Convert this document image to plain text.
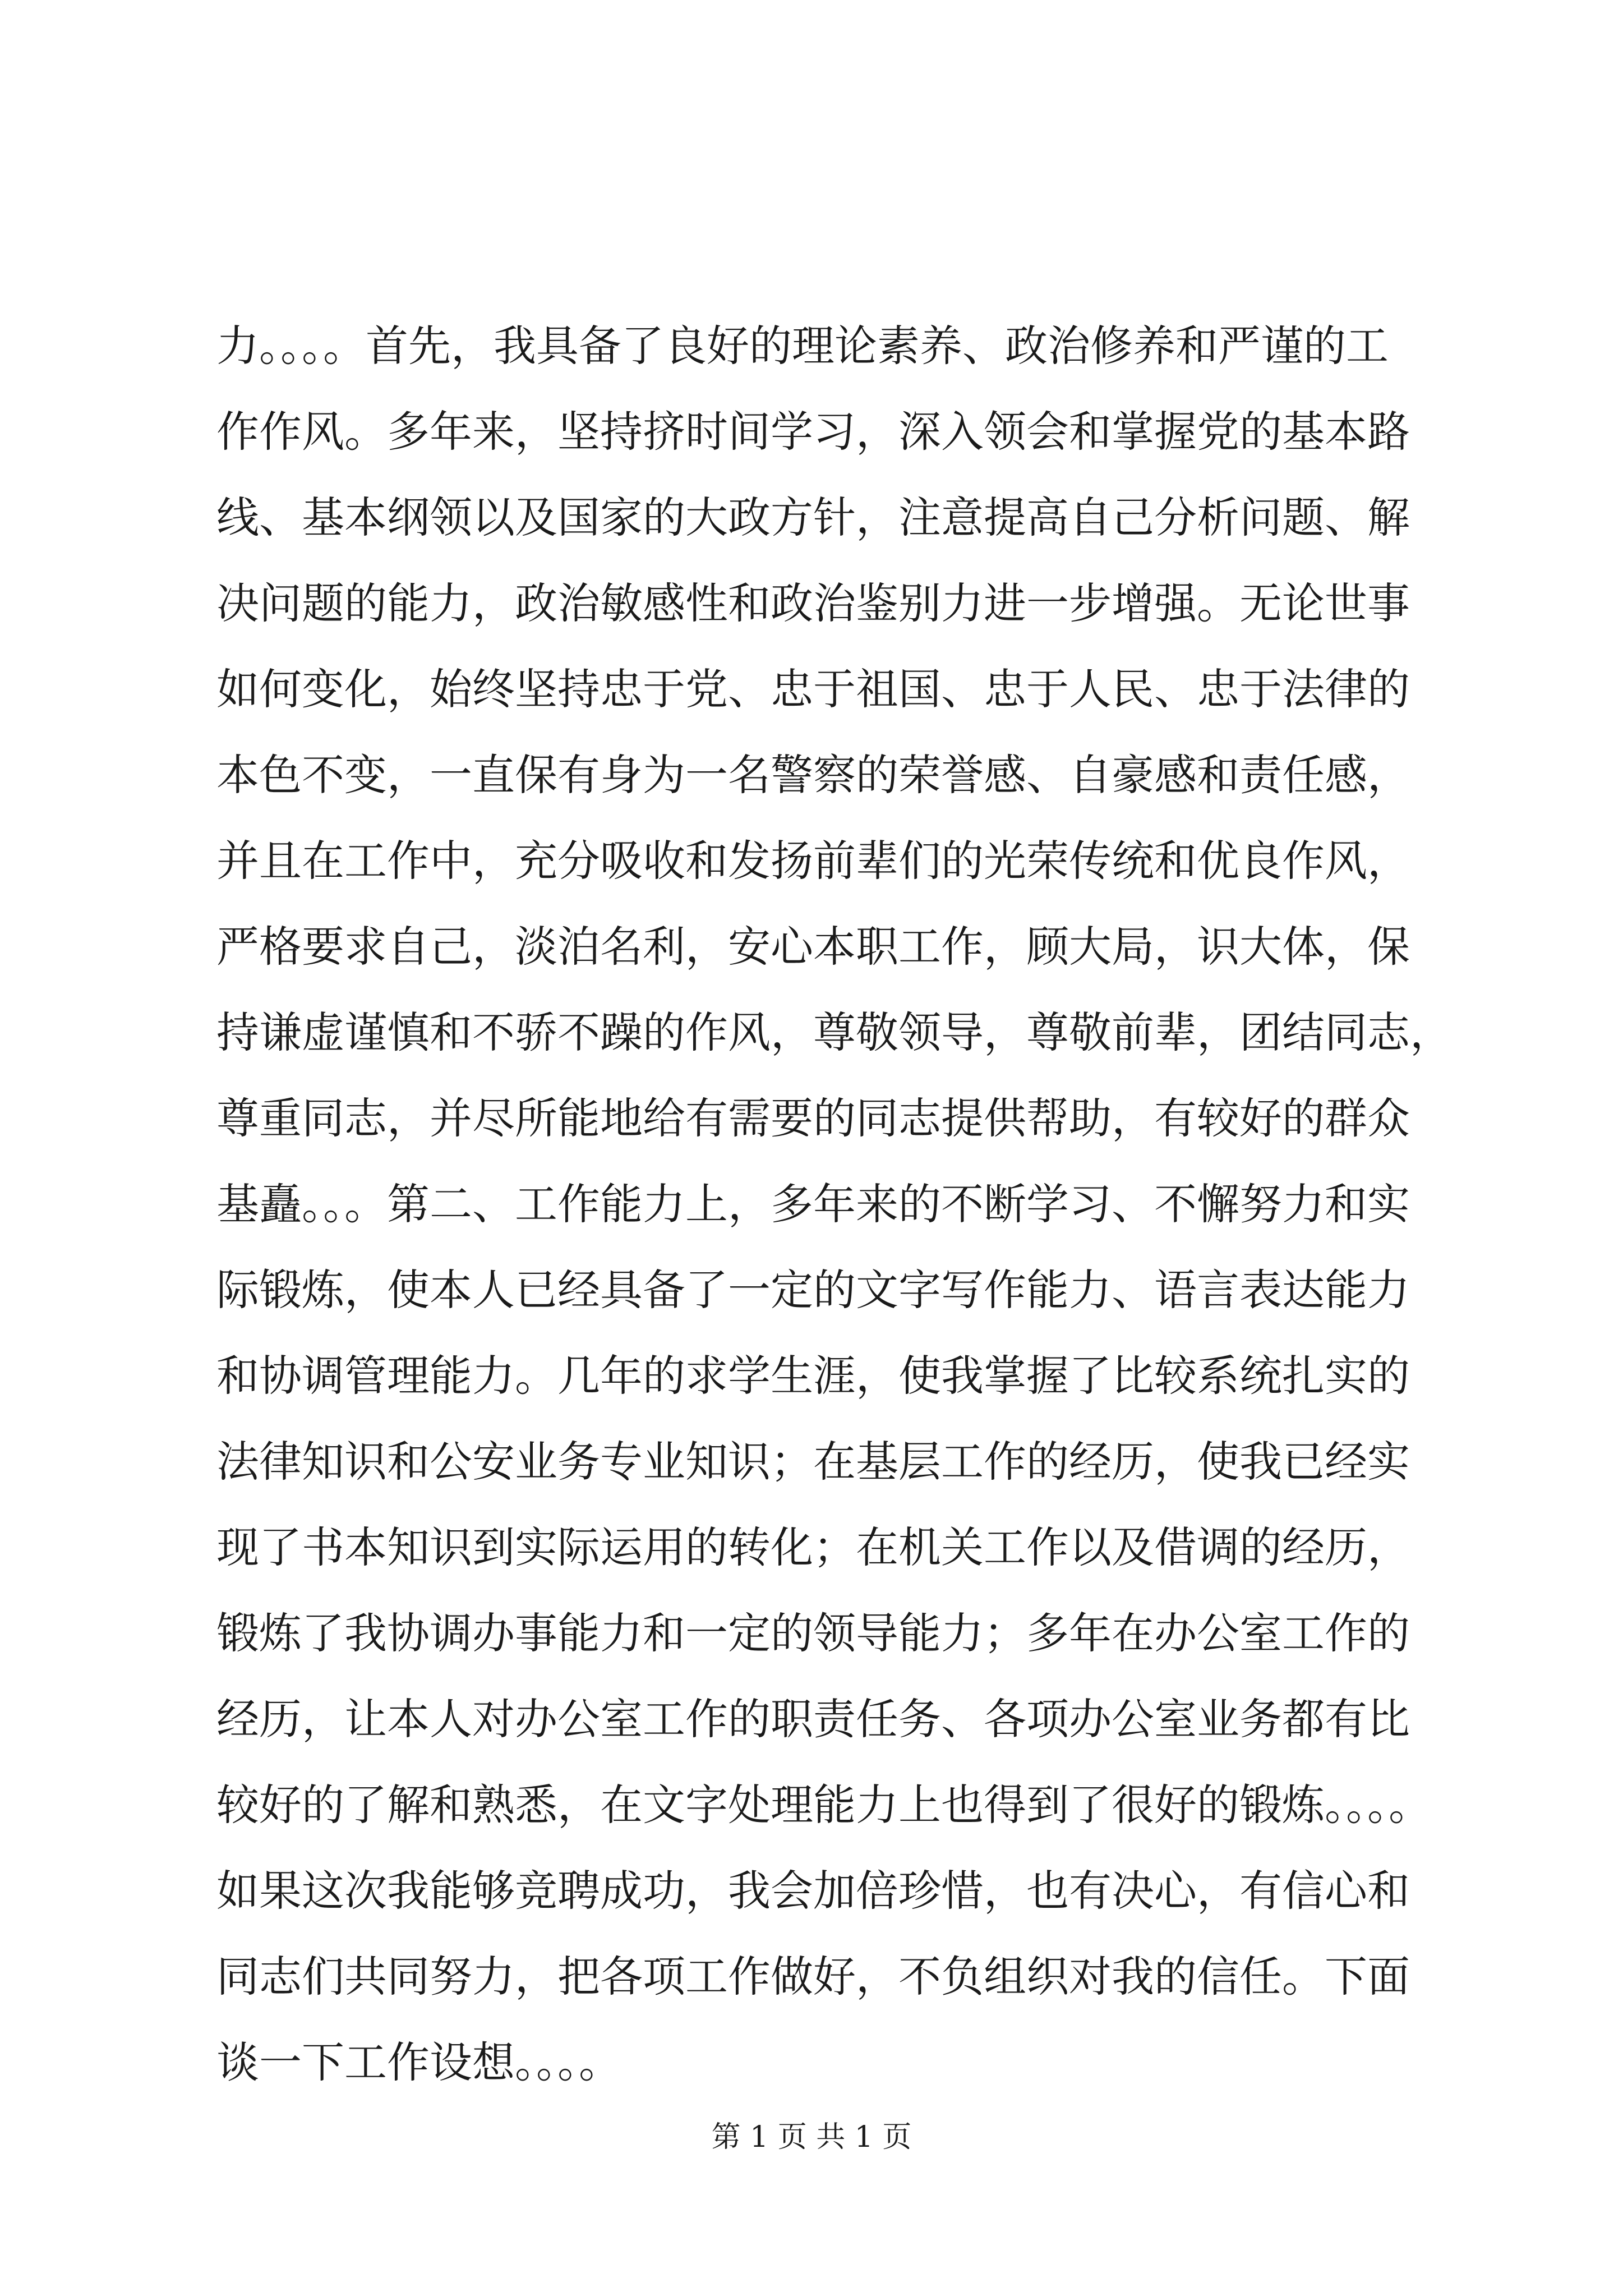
力。。。。首先，我具备了良好的理论素养、政治修养和严谨的工
作作风。多年来，坚持挤时间学习，深入领会和掌握党的基本路
线、基本纲领以及国家的大政方针，注意提高自己分析问题、解
决问题的能力，政治敏感性和政治鉴别力进一步增强。无论世事
如何变化，始终坚持忠于党、忠于祖国、忠于人民、忠于法律的
本色不变，一直保有身为一名警察的荣誉感、自豪感和责任感，
并且在工作中，充分吸收和发扬前辈们的光荣传统和优良作风，
严格要求自己，淡泊名利，安心本职工作，顾大局，识大体，保
持谦虚谨慎和不骄不躁的作风，尊敬领导，尊敬前辈，团结同志，
尊重同志，并尽所能地给有需要的同志提供帮助，有较好的群众
基矗。。。第二、工作能力上，多年来的不断学习、不懈努力和实
际锻炼，使本人已经具备了一定的文字写作能力、语言表达能力
和协调管理能力。几年的求学生涯，使我掌握了比较系统扎实的
法律知识和公安业务专业知识；在基层工作的经历，使我已经实
现了书本知识到实际运用的转化；在机关工作以及借调的经历，
锻炼了我协调办事能力和一定的领导能力；多年在办公室工作的
经历，让本人对办公室工作的职责任务、各项办公室业务都有比
较好的了解和熟悉，在文字处理能力上也得到了很好的锻炼。。。。
如果这次我能够竞聘成功，我会加倍珍惜，也有决心，有信心和
同志们共同努力，把各项工作做好，不负组织对我的信任。下面
谈一下工作设想。。。。
第 1 页 共 1 页
